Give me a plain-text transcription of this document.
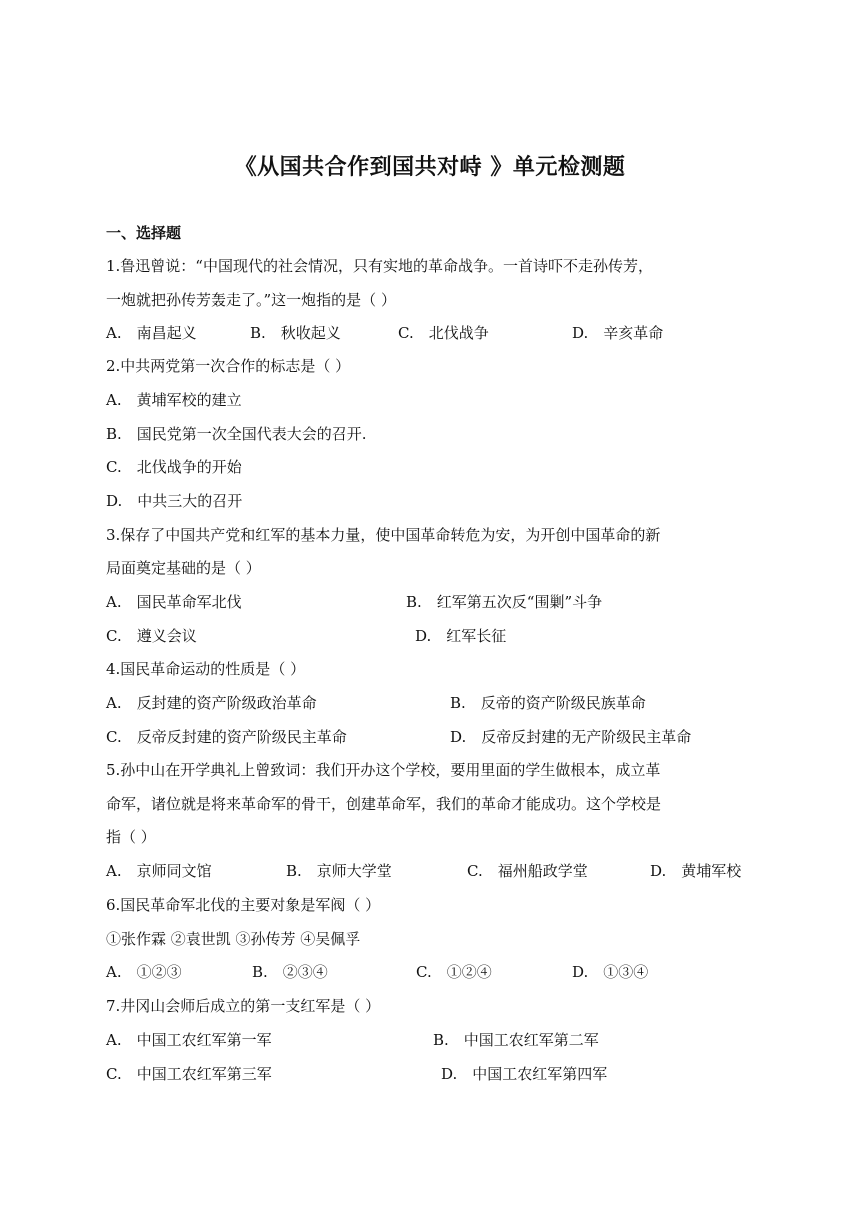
《从国共合作到国共对峙 》单元检测题
一、选择题
1.鲁迅曾说：“中国现代的社会情况，只有实地的革命战争。一首诗吓不走孙传芳，
一炮就把孙传芳轰走了。”这一炮指的是（ ）
A.　南昌起义	B.　秋收起义	C.　北伐战争	D.　辛亥革命
2.中共两党第一次合作的标志是（ ）
A.　黄埔军校的建立
B.　国民党第一次全国代表大会的召开.
C.　北伐战争的开始
D.　中共三大的召开
3.保存了中国共产党和红军的基本力量，使中国革命转危为安，为开创中国革命的新
局面奠定基础的是（ ）
A.　国民革命军北伐	B.　红军第五次反“围剿”斗争
C.　遵义会议	D.　红军长征
4.国民革命运动的性质是（ ）
A.　反封建的资产阶级政治革命	B.　反帝的资产阶级民族革命
C.　反帝反封建的资产阶级民主革命	D.　反帝反封建的无产阶级民主革命
5.孙中山在开学典礼上曾致词：我们开办这个学校，要用里面的学生做根本，成立革
命军，诸位就是将来革命军的骨干，创建革命军，我们的革命才能成功。这个学校是
指（ ）
A.　京师同文馆	B.　京师大学堂	C.　福州船政学堂	D.　黄埔军校
6.国民革命军北伐的主要对象是军阀（ ）
①张作霖 ②袁世凯 ③孙传芳 ④吴佩孚
A.　①②③	B.　②③④	C.　①②④	D.　①③④
7.井冈山会师后成立的第一支红军是（ ）
A.　中国工农红军第一军	B.　中国工农红军第二军
C.　中国工农红军第三军	D.　中国工农红军第四军
